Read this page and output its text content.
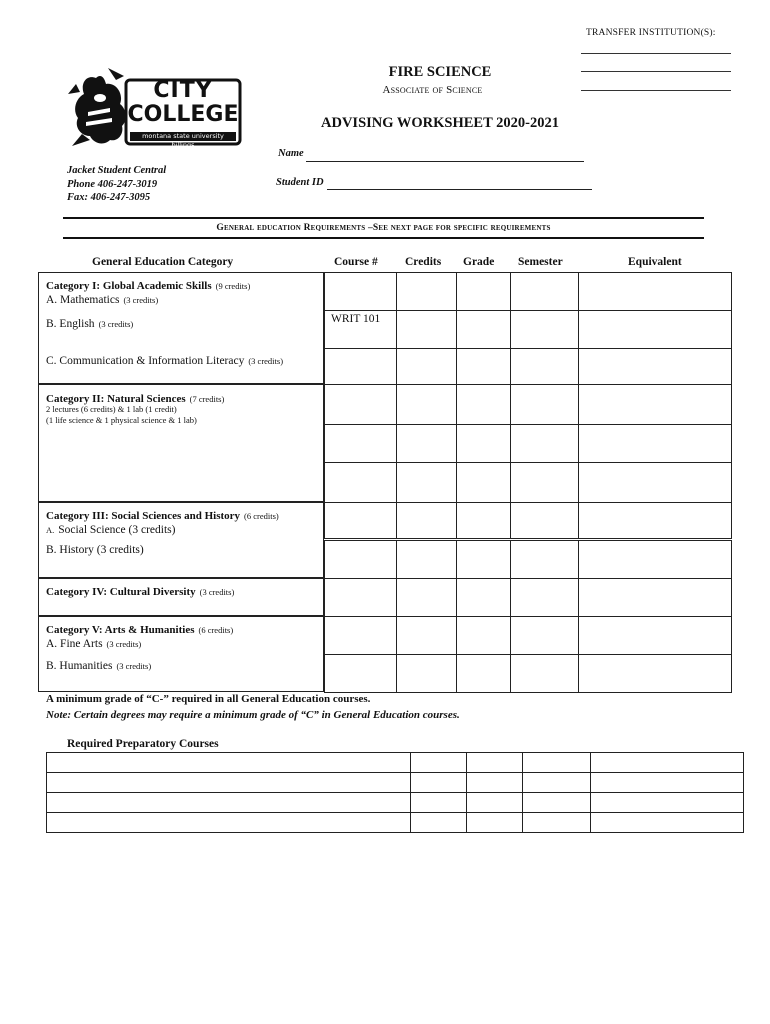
TRANSFER INSTITUTION(S):
FIRE SCIENCE
Associate of Science
ADVISING WORKSHEET 2020-2021
CITY
COLLEGE
montana state university billings
Name
Student ID
Jacket Student Central
Phone 406-247-3019
Fax: 406-247-3095
General education Requirements –See next page for specific requirements
General Education Category	Course # Credits Grade Semester	Equivalent
Category I: Global Academic Skills (9 credits)
A. Mathematics (3 credits)
B. English (3 credits)
C. Communication & Information Literacy (3 credits)
Category II: Natural Sciences (7 credits)
2 lectures (6 credits) & 1 lab (1 credit)
(1 life science & 1 physical science & 1 lab)
Category III: Social Sciences and History (6 credits)
A. Social Science (3 credits)
B. History (3 credits)
Category IV: Cultural Diversity (3 credits)
Category V: Arts & Humanities (6 credits)
A. Fine Arts (3 credits)
B. Humanities (3 credits)
WRIT 101
A minimum grade of “C-” required in all General Education courses.
Note: Certain degrees may require a minimum grade of “C” in General Education courses.
Required Preparatory Courses
